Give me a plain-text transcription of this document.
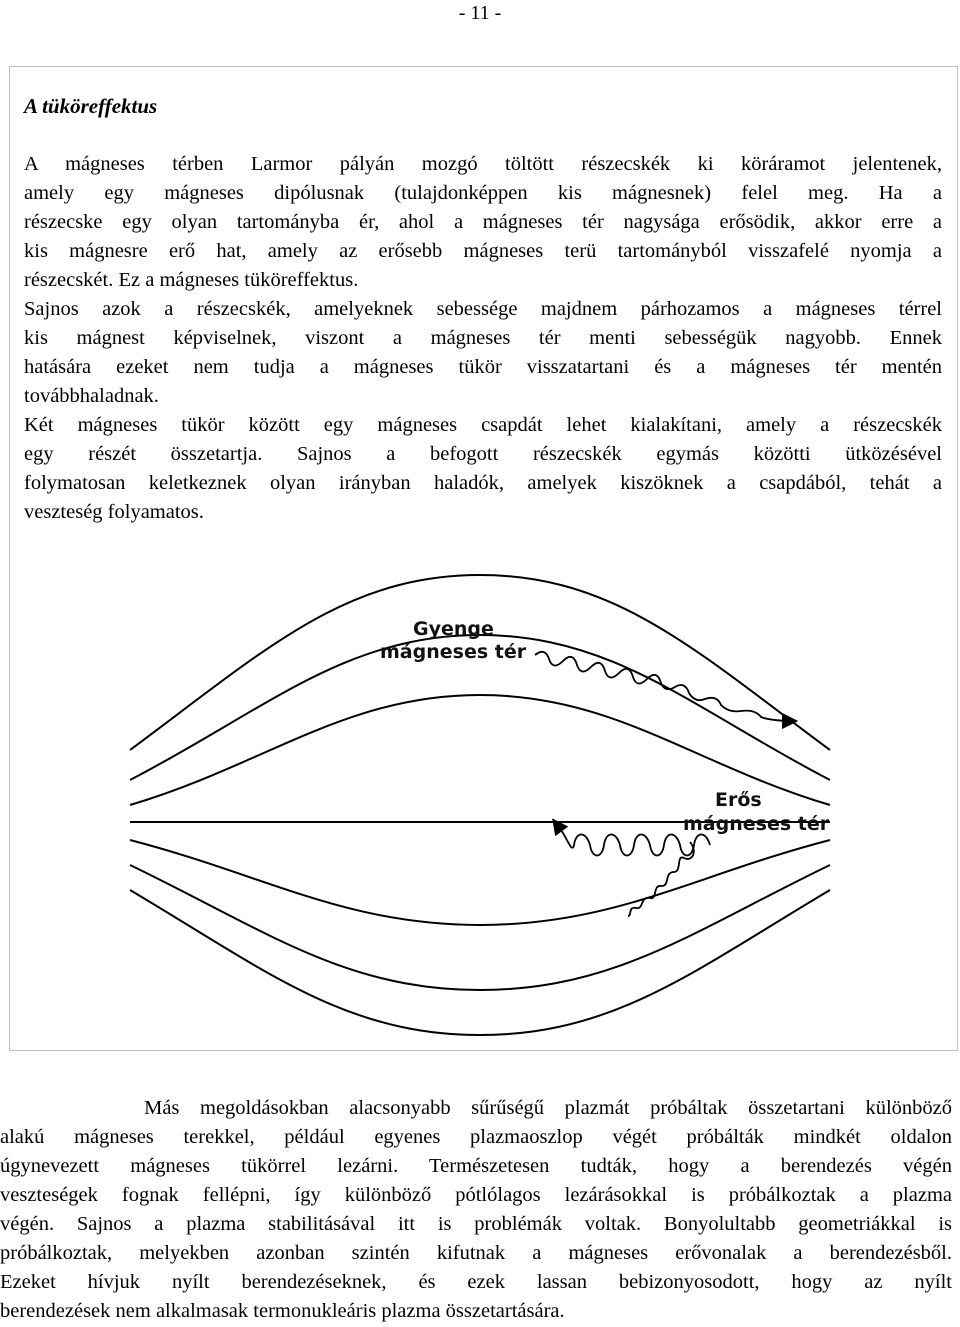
- 11 -
A tüköreffektus

A mágneses térben Larmor pályán mozgó töltött részecskék ki köráramot jelentenek,
amely egy mágneses dipólusnak (tulajdonképpen kis mágnesnek) felel meg. Ha a
részecske egy olyan tartományba ér, ahol a mágneses tér nagysága erősödik, akkor erre a
kis mágnesre erő hat, amely az erősebb mágneses terü tartományból visszafelé nyomja a
részecskét. Ez a mágneses tüköreffektus.

Sajnos azok a részecskék, amelyeknek sebessége majdnem párhozamos a mágneses térrel
kis mágnest képviselnek, viszont a mágneses tér menti sebességük nagyobb. Ennek
hatására ezeket nem tudja a mágneses tükör visszatartani és a mágneses tér mentén
továbbhaladnak.

Két mágneses tükör között egy mágneses csapdát lehet kialakítani, amely a részecskék
egy részét összetartja. Sajnos a befogott részecskék egymás közötti ütközésével
folymatosan keletkeznek olyan irányban haladók, amelyek kiszöknek a csapdából, tehát a
veszteség folyamatos.

Gyenge
mágneses tér
Erős
mágneses tér

Más megoldásokban alacsonyabb sűrűségű plazmát próbáltak összetartani különböző
alakú mágneses terekkel, például egyenes plazmaoszlop végét próbálták mindkét oldalon
úgynevezett mágneses tükörrel lezárni. Természetesen tudták, hogy a berendezés végén
veszteségek fognak fellépni, így különböző pótlólagos lezárásokkal is próbálkoztak a plazma
végén. Sajnos a plazma stabilitásával itt is problémák voltak. Bonyolultabb geometriákkal is
próbálkoztak, melyekben azonban szintén kifutnak a mágneses erővonalak a berendezésből.
Ezeket hívjuk nyílt berendezéseknek, és ezek lassan bebizonyosodott, hogy az nyílt
berendezések nem alkalmasak termonukleáris plazma összetartására.
